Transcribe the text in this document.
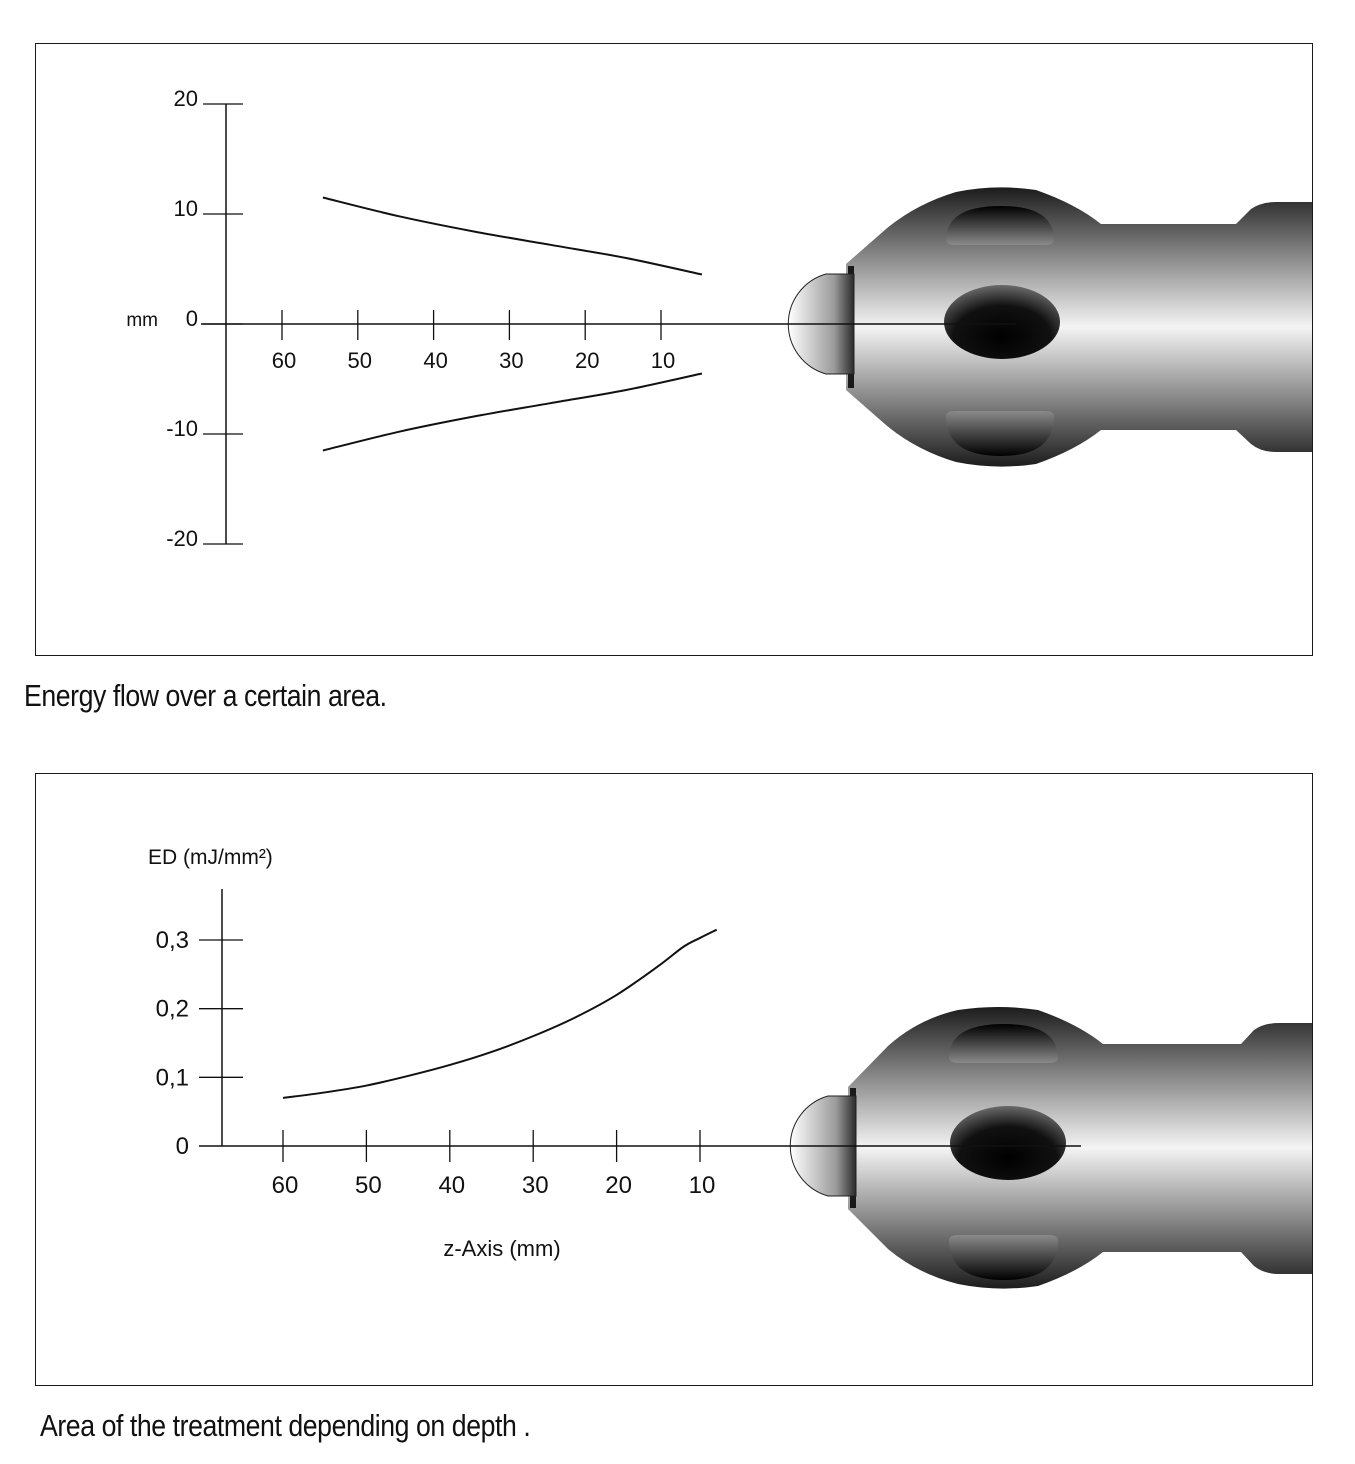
20
10
0
-10
-20
mm
60 50 40 30 20 10
Energy flow over a certain area.
0
0,1
0,2
0,3
ED (mJ/mm²)
60 50 40 30 20 10
z-Axis (mm)
Area of the treatment depending on depth .
